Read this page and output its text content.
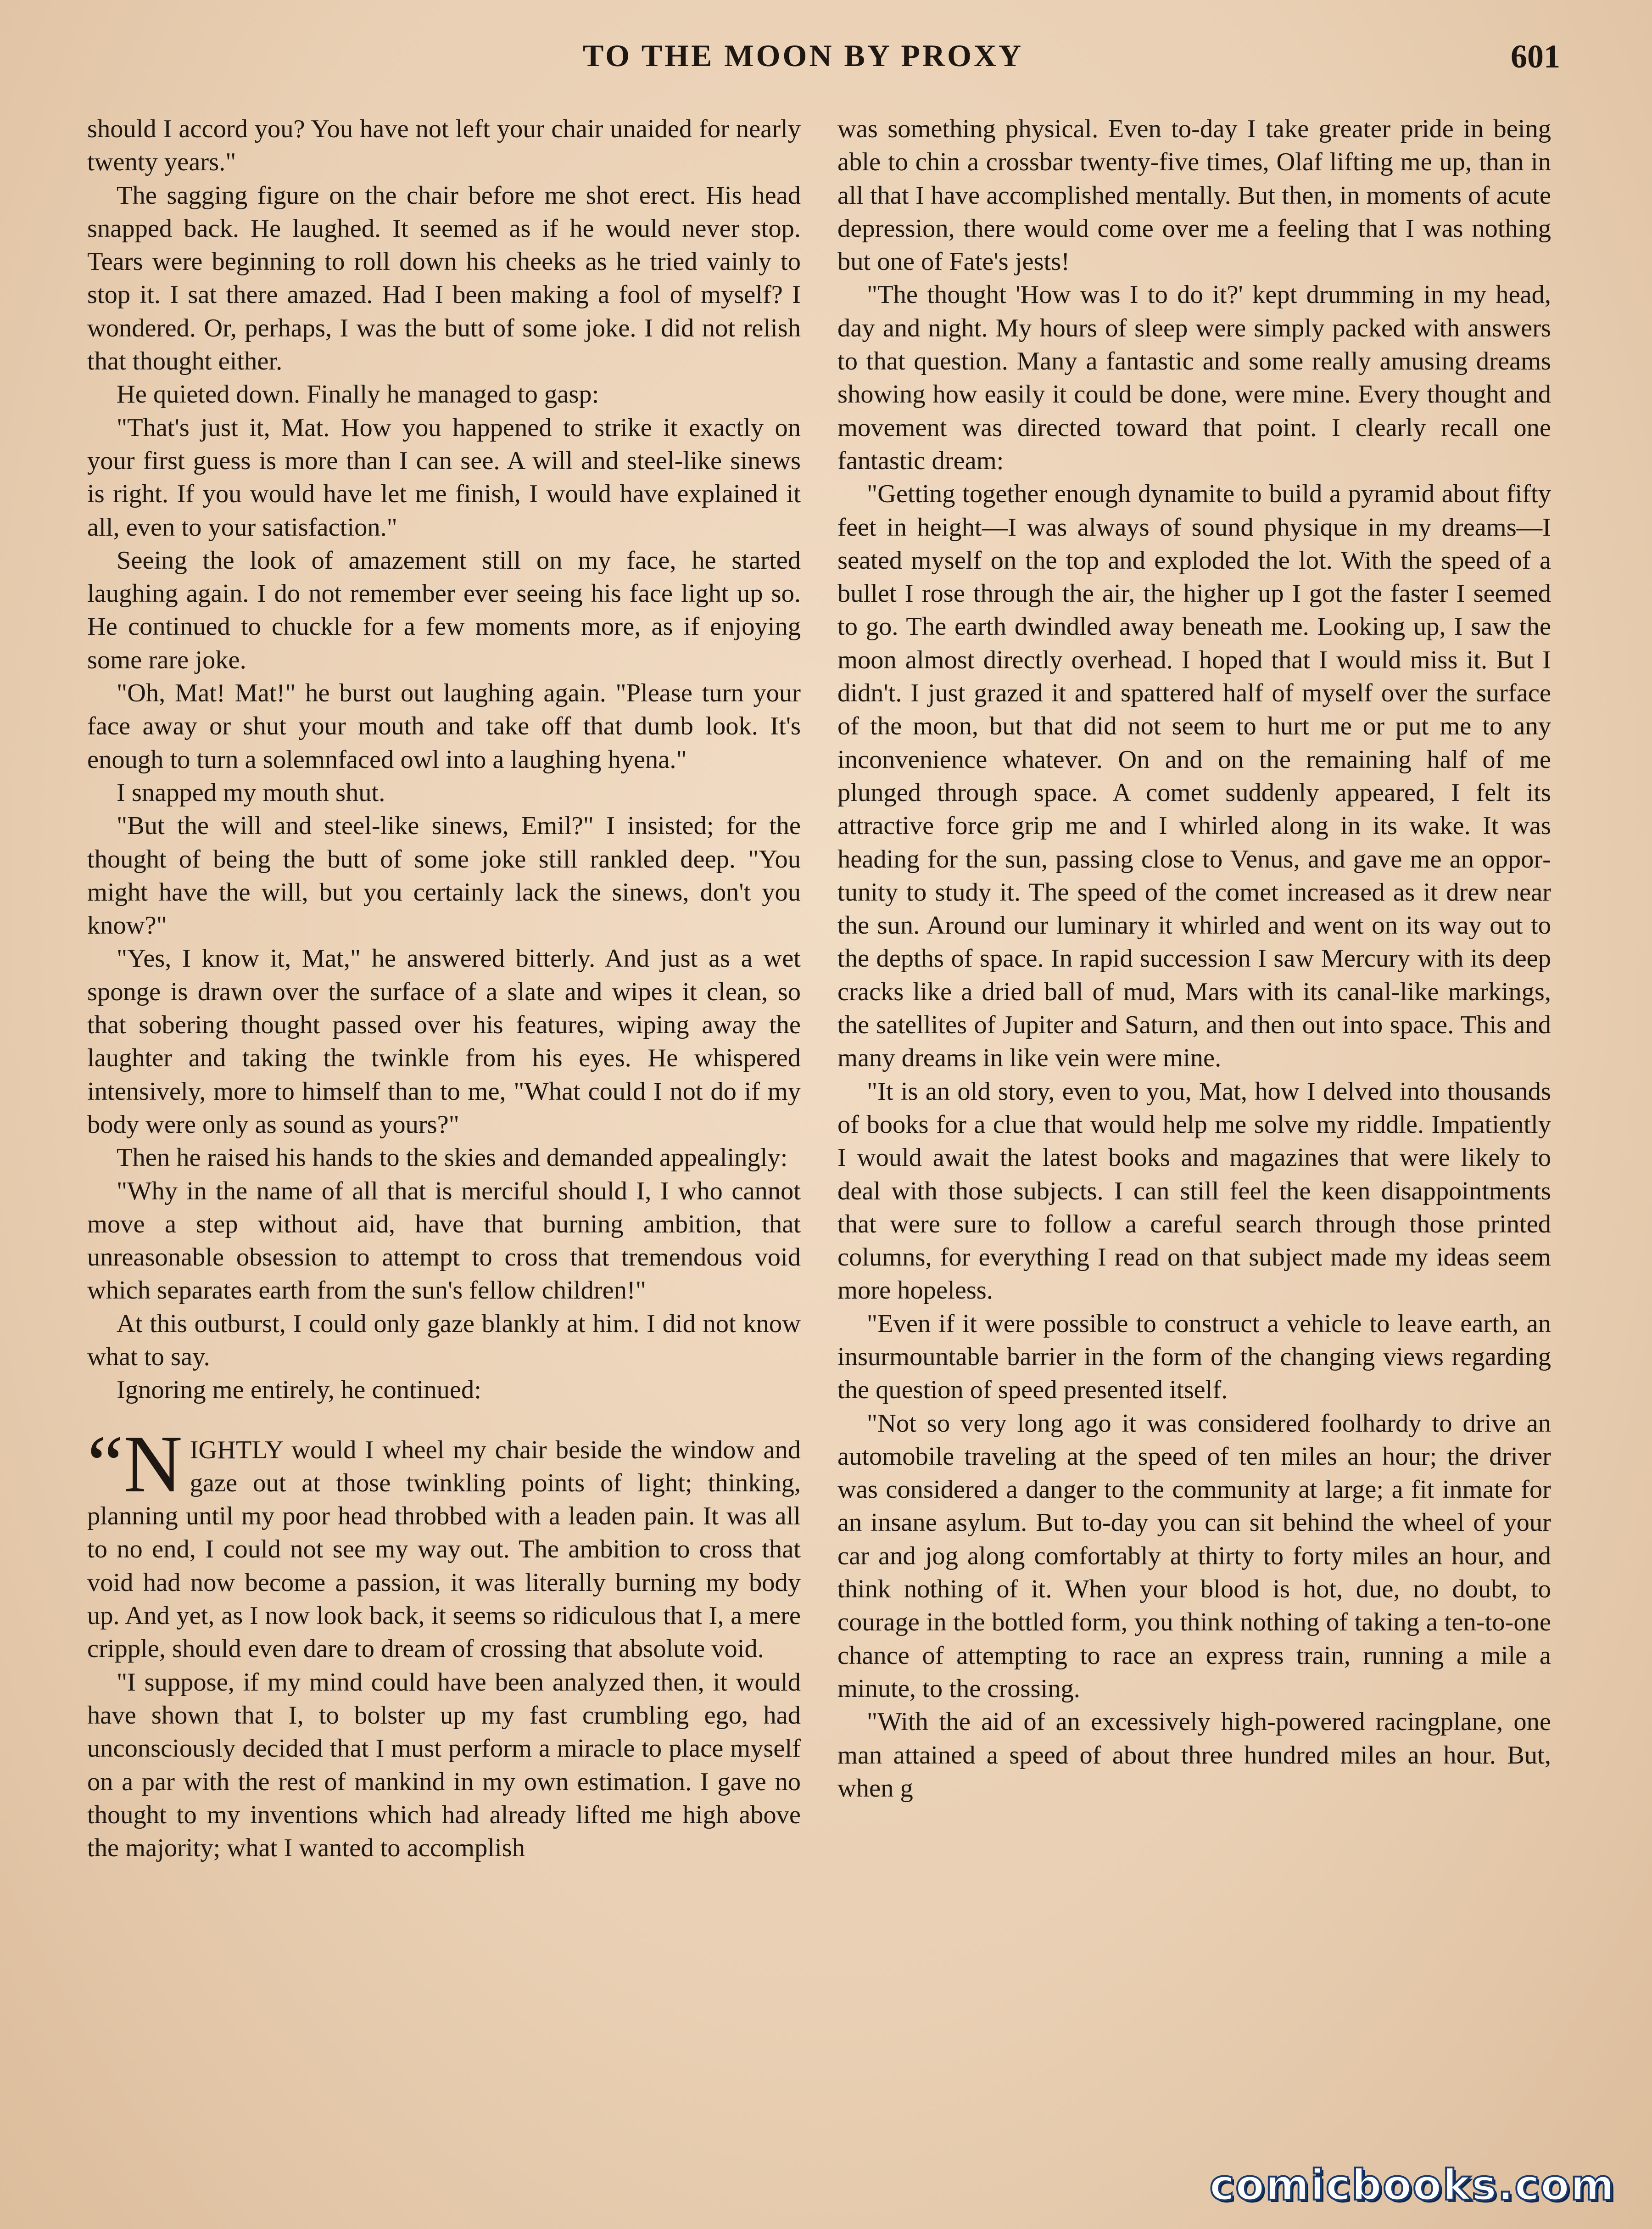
TO THE MOON BY PROXY	601

should I accord you? You have not left your chair unaided for nearly twenty years."

The sagging figure on the chair before me shot erect. His head snapped back. He laughed. It seemed as if he would never stop. Tears were beginning to roll down his cheeks as he tried vainly to stop it. I sat there amazed. Had I been making a fool of myself? I wondered. Or, perhaps, I was the butt of some joke. I did not relish that thought either.

He quieted down. Finally he managed to gasp:

"That's just it, Mat. How you happened to strike it exactly on your first guess is more than I can see. A will and steel-like sinews is right. If you would have let me finish, I would have explained it all, even to your satisfaction."

Seeing the look of amazement still on my face, he started laughing again. I do not remember ever seeing his face light up so. He continued to chuckle for a few moments more, as if enjoying some rare joke.

"Oh, Mat! Mat!" he burst out laughing again. "Please turn your face away or shut your mouth and take off that dumb look. It's enough to turn a solemnfaced owl into a laughing hyena."

I snapped my mouth shut.

"But the will and steel-like sinews, Emil?" I insisted; for the thought of being the butt of some joke still rankled deep. "You might have the will, but you certainly lack the sinews, don't you know?"

"Yes, I know it, Mat," he answered bitterly. And just as a wet sponge is drawn over the surface of a slate and wipes it clean, so that sobering thought passed over his features, wiping away the laughter and taking the twinkle from his eyes. He whispered intensively, more to himself than to me, "What could I not do if my body were only as sound as yours?"

Then he raised his hands to the skies and demanded appealingly:

"Why in the name of all that is merciful should I, I who cannot move a step without aid, have that burning ambition, that unreasonable obsession to attempt to cross that tremendous void which separates earth from the sun's fellow children!"

At this outburst, I could only gaze blankly at him. I did not know what to say.

Ignoring me entirely, he continued:

“N IGHTLY would I wheel my chair beside the window and gaze out at those twinkling points of light; thinking, planning until my poor head throbbed with a leaden pain. It was all to no end, I could not see my way out. The ambition to cross that void had now become a passion, it was literally burning my body up. And yet, as I now look back, it seems so ridiculous that I, a mere cripple, should even dare to dream of crossing that absolute void.

"I suppose, if my mind could have been analyzed then, it would have shown that I, to bolster up my fast crumbling ego, had unconsciously decided that I must perform a miracle to place myself on a par with the rest of mankind in my own estimation. I gave no thought to my inventions which had already lifted me high above the majority; what I wanted to accomplish

was something physical. Even to-day I take greater pride in being able to chin a crossbar twenty-five times, Olaf lifting me up, than in all that I have accomplished mentally. But then, in moments of acute depression, there would come over me a feeling that I was nothing but one of Fate's jests!

"The thought 'How was I to do it?' kept drumming in my head, day and night. My hours of sleep were simply packed with answers to that question. Many a fantastic and some really amusing dreams showing how easily it could be done, were mine. Every thought and movement was directed toward that point. I clearly recall one fantastic dream:

"Getting together enough dynamite to build a pyramid about fifty feet in height—I was always of sound physique in my dreams—I seated myself on the top and exploded the lot. With the speed of a bullet I rose through the air, the higher up I got the faster I seemed to go. The earth dwindled away beneath me. Looking up, I saw the moon almost directly overhead. I hoped that I would miss it. But I didn't. I just grazed it and spattered half of myself over the surface of the moon, but that did not seem to hurt me or put me to any inconvenience whatever. On and on the remaining half of me plunged through space. A comet suddenly appeared, I felt its attractive force grip me and I whirled along in its wake. It was heading for the sun, passing close to Venus, and gave me an opportunity to study it. The speed of the comet increased as it drew near the sun. Around our luminary it whirled and went on its way out to the depths of space. In rapid succession I saw Mercury with its deep cracks like a dried ball of mud, Mars with its canal-like markings, the satellites of Jupiter and Saturn, and then out into space. This and many dreams in like vein were mine.

"It is an old story, even to you, Mat, how I delved into thousands of books for a clue that would help me solve my riddle. Impatiently I would await the latest books and magazines that were likely to deal with those subjects. I can still feel the keen disappointments that were sure to follow a careful search through those printed columns, for everything I read on that subject made my ideas seem more hopeless.

"Even if it were possible to construct a vehicle to leave earth, an insurmountable barrier in the form of the changing views regarding the question of speed presented itself.

"Not so very long ago it was considered foolhardy to drive an automobile traveling at the speed of ten miles an hour; the driver was considered a danger to the community at large; a fit inmate for an insane asylum. But to-day you can sit behind the wheel of your car and jog along comfortably at thirty to forty miles an hour, and think nothing of it. When your blood is hot, due, no doubt, to courage in the bottled form, you think nothing of taking a ten-to-one chance of attempting to race an express train, running a mile a minute, to the crossing.

"With the aid of an excessively high-powered racingplane, one man attained a speed of about three hundred miles an hour. But, when g

comicbooks.com
